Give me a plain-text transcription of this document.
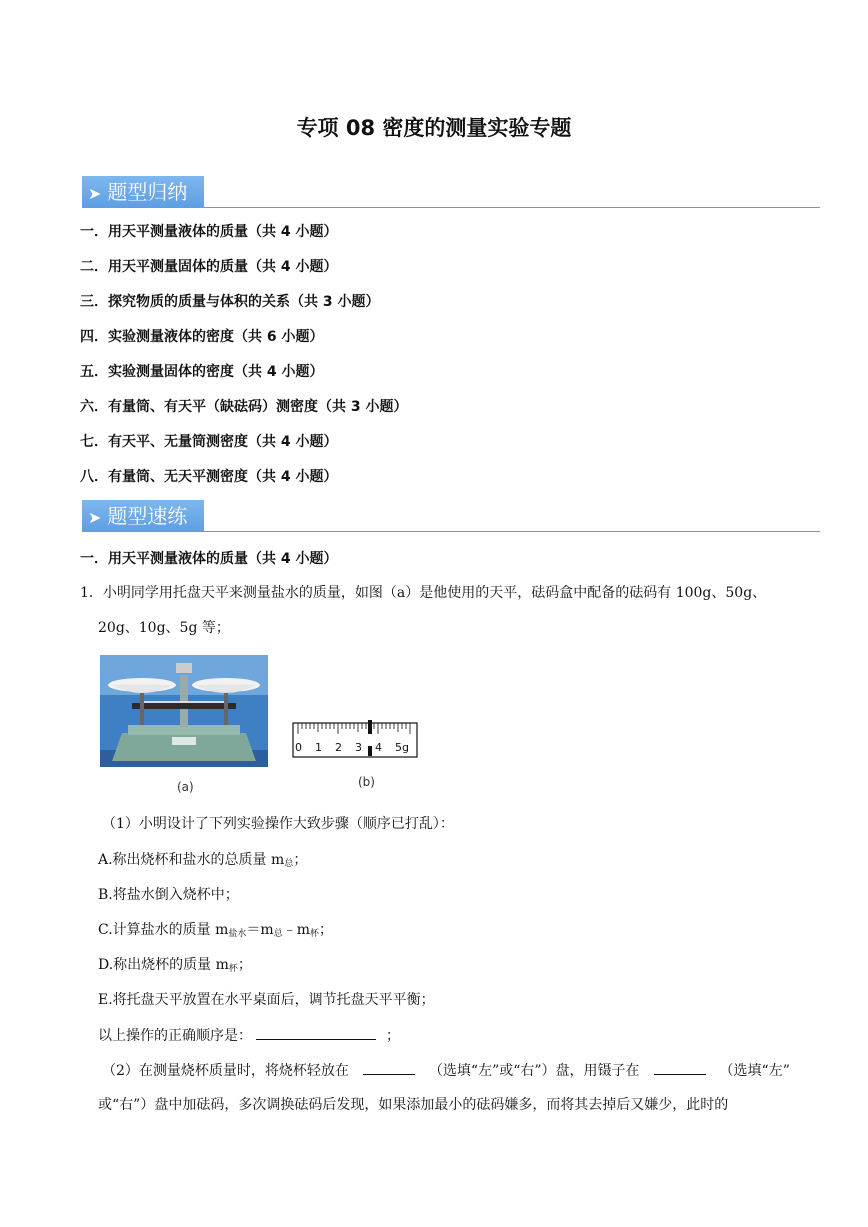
专项 08 密度的测量实验专题
➤ 题型归纳
一．用天平测量液体的质量（共 4 小题）
二．用天平测量固体的质量（共 4 小题）
三．探究物质的质量与体积的关系（共 3 小题）
四．实验测量液体的密度（共 6 小题）
五．实验测量固体的密度（共 4 小题）
六．有量筒、有天平（缺砝码）测密度（共 3 小题）
七．有天平、无量筒测密度（共 4 小题）
八．有量筒、无天平测密度（共 4 小题）
➤ 题型速练
一．用天平测量液体的质量（共 4 小题）
1．小明同学用托盘天平来测量盐水的质量，如图（a）是他使用的天平，砝码盒中配备的砝码有 100g、50g、
20g、10g、5g 等；
(a)
0 1 2 3 4 5g
(b)
（1）小明设计了下列实验操作大致步骤（顺序已打乱）：
A.称出烧杯和盐水的总质量 $m_总$；
B.将盐水倒入烧杯中；
C.计算盐水的质量 $m_{盐水}=m_总﹣m_杯$；
D.称出烧杯的质量 $m_杯$；
E.将托盘天平放置在水平桌面后，调节托盘天平平衡；
以上操作的正确顺序是：	；
（2）在测量烧杯质量时，将烧杯轻放在	（选填“左”或“右”）盘，用镊子在	（选填“左”
或“右”）盘中加砝码，多次调换砝码后发现，如果添加最小的砝码嫌多，而将其去掉后又嫌少，此时的
